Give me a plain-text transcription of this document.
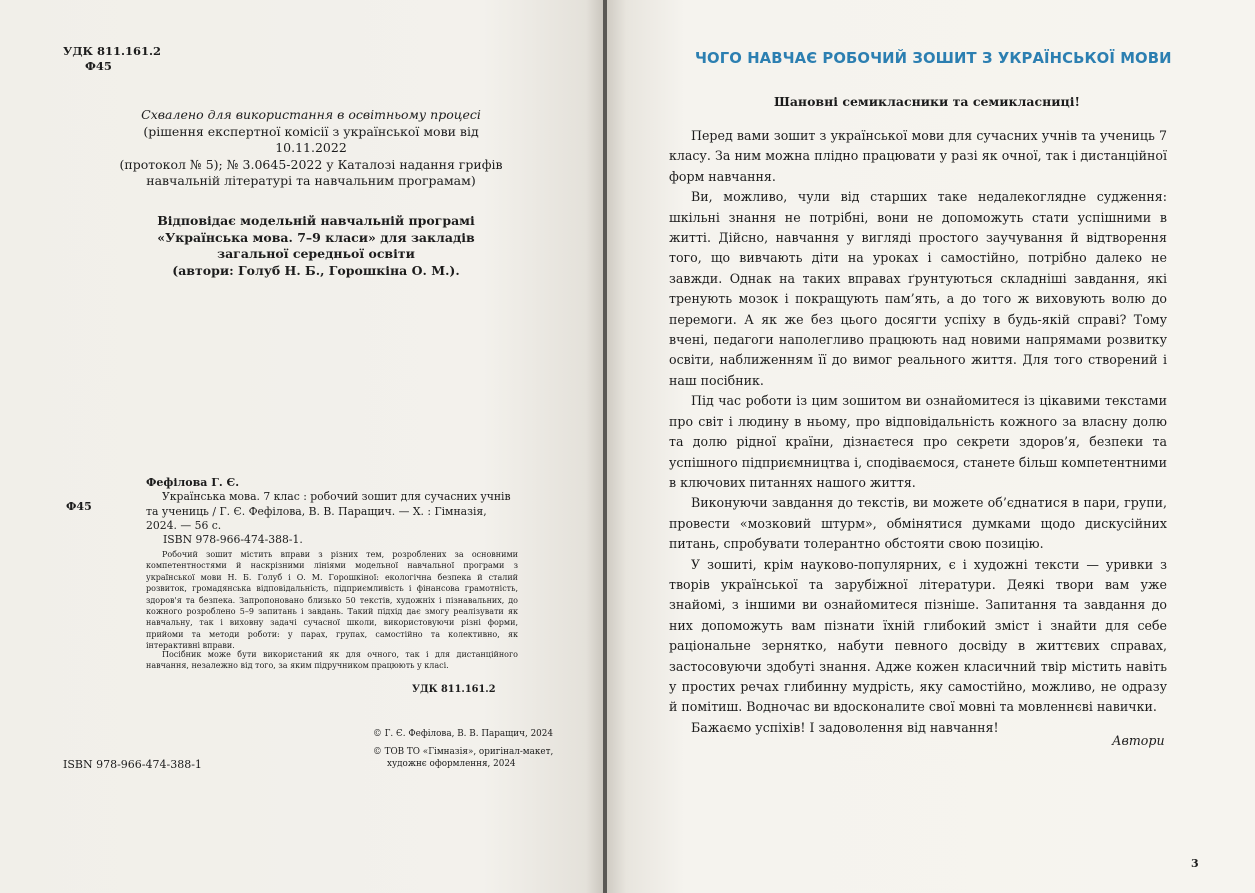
УДК 811.161.2
Ф45
Схвалено для використання в освітньому процесі
(рішення експертної комісії з української мови від 10.11.2022
(протокол № 5); № 3.0645-2022 у Каталозі надання грифів
навчальній літературі та навчальним програмам)
Відповідає модельній навчальній програмі
«Українська мова. 7–9 класи» для закладів
загальної середньої освіти
(автори: Голуб Н. Б., Горошкіна О. М.).
Фефілова Г. Є.
Ф45
Українська мова. 7 клас : робочий зошит для сучасних учнів та учениць / Г. Є. Фефілова, В. В. Паращич. — Х. : Гімназія, 2024. — 56 с.
ISBN 978-966-474-388-1.
Робочий зошит містить вправи з різних тем, розроблених за основними компетентностями й наскрізними лініями модельної навчальної програми з української мови Н. Б. Голуб і О. М. Горошкіної: екологічна безпека й сталий розвиток, громадянська відповідальність, підприємливість і фінансова грамотність, здоров'я та безпека. Запропоновано близько 50 текстів, художніх і пізнавальних, до кожного розроблено 5–9 запитань і завдань. Такий підхід дає змогу реалізувати як навчальну, так і виховну задачі сучасної школи, використовуючи різні форми, прийоми та методи роботи: у парах, групах, самостійно та колективно, як інтерактивні вправи.
Посібник може бути використаний як для очного, так і для дистанційного навчання, незалежно від того, за яким підручником працюють у класі.
УДК 811.161.2
© Г. Є. Фефілова, В. В. Паращич, 2024
© ТОВ ТО «Гімназія», оригінал-макет,
художнє оформлення, 2024
ISBN 978-966-474-388-1
ЧОГО НАВЧАЄ РОБОЧИЙ ЗОШИТ З УКРАЇНСЬКОЇ МОВИ
Шановні семикласники та семикласниці!

Перед вами зошит з української мови для сучасних учнів та учениць 7 класу. За ним можна плідно працювати у разі як очної, так і дистанційної форм навчання.

Ви, можливо, чули від старших таке недалекоглядне судження: шкільні знання не потрібні, вони не допоможуть стати успішними в житті. Дійсно, навчання у вигляді простого заучування й відтворення того, що вивчають діти на уроках і самостійно, потрібно далеко не завжди. Однак на таких вправах ґрунтуються складніші завдання, які тренують мозок і покращують пам’ять, а до того ж виховують волю до перемоги. А як же без цього досягти успіху в будь-якій справі? Тому вчені, педагоги наполегливо працюють над новими напрямами розвитку освіти, наближенням її до вимог реального життя. Для того створений і наш посібник.

Під час роботи із цим зошитом ви ознайомитеся із цікавими текстами про світ і людину в ньому, про відповідальність кожного за власну долю та долю рідної країни, дізнаєтеся про секрети здоров’я, безпеки та успішного підприємництва і, сподіваємося, станете більш компетентними в ключових питаннях нашого життя.

Виконуючи завдання до текстів, ви можете об’єднатися в пари, групи, провести «мозковий штурм», обмінятися думками щодо дискусійних питань, спробувати толерантно обстояти свою позицію.

У зошиті, крім науково-популярних, є і художні тексти — уривки з творів української та зарубіжної літератури. Деякі твори вам уже знайомі, з іншими ви ознайомитеся пізніше. Запитання та завдання до них допоможуть вам пізнати їхній глибокий зміст і знайти для себе раціональне зернятко, набути певного досвіду в життєвих справах, застосовуючи здобуті знання. Адже кожен класичний твір містить навіть у простих речах глибинну мудрість, яку самостійно, можливо, не одразу й помітиш. Водночас ви вдосконалите свої мовні та мовленнєві навички.

Бажаємо успіхів! І задоволення від навчання!

Автори
3
